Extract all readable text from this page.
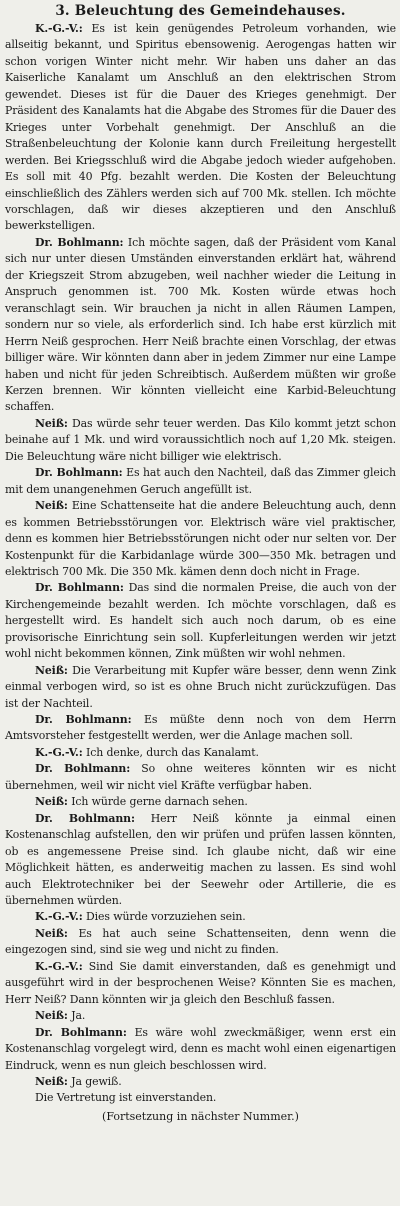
3. Beleuchtung des Gemeindehauses.

K.-G.-V.: Es ist kein genügendes Petroleum vorhanden, wie allseitig bekannt, und Spiritus ebensowenig. Aerogengas hatten wir schon vorigen Winter nicht mehr. Wir haben uns daher an das Kaiserliche Kanalamt um Anschluß an den elektrischen Strom gewendet. Dieses ist für die Dauer des Krieges genehmigt. Der Präsident des Kanalamts hat die Abgabe des Stromes für die Dauer des Krieges unter Vorbehalt genehmigt. Der Anschluß an die Straßenbeleuchtung der Kolonie kann durch Freileitung hergestellt werden. Bei Kriegsschluß wird die Abgabe jedoch wieder aufgehoben. Es soll mit 40 Pfg. bezahlt werden. Die Kosten der Beleuchtung einschließlich des Zählers werden sich auf 700 Mk. stellen. Ich möchte vorschlagen, daß wir dieses akzeptieren und den Anschluß bewerkstelligen.

Dr. Bohlmann: Ich möchte sagen, daß der Präsident vom Kanal sich nur unter diesen Umständen einverstanden erklärt hat, während der Kriegszeit Strom abzugeben, weil nachher wieder die Leitung in Anspruch genommen ist. 700 Mk. Kosten würde etwas hoch veranschlagt sein. Wir brauchen ja nicht in allen Räumen Lampen, sondern nur so viele, als erforderlich sind. Ich habe erst kürzlich mit Herrn Neiß gesprochen. Herr Neiß brachte einen Vorschlag, der etwas billiger wäre. Wir könnten dann aber in jedem Zimmer nur eine Lampe haben und nicht für jeden Schreibtisch. Außerdem müßten wir große Kerzen brennen. Wir könnten vielleicht eine Karbid-Beleuchtung schaffen.

Neiß: Das würde sehr teuer werden. Das Kilo kommt jetzt schon beinahe auf 1 Mk. und wird voraussichtlich noch auf 1,20 Mk. steigen. Die Beleuchtung wäre nicht billiger wie elektrisch.

Dr. Bohlmann: Es hat auch den Nachteil, daß das Zimmer gleich mit dem unangenehmen Geruch angefüllt ist.

Neiß: Eine Schattenseite hat die andere Beleuchtung auch, denn es kommen Betriebsstörungen vor. Elektrisch wäre viel praktischer, denn es kommen hier Betriebsstörungen nicht oder nur selten vor. Der Kostenpunkt für die Karbidanlage würde 300—350 Mk. betragen und elektrisch 700 Mk. Die 350 Mk. kämen denn doch nicht in Frage.

Dr. Bohlmann: Das sind die normalen Preise, die auch von der Kirchengemeinde bezahlt werden. Ich möchte vorschlagen, daß es hergestellt wird. Es handelt sich auch noch darum, ob es eine provisorische Einrichtung sein soll. Kupferleitungen werden wir jetzt wohl nicht bekommen können, Zink müßten wir wohl nehmen.

Neiß: Die Verarbeitung mit Kupfer wäre besser, denn wenn Zink einmal verbogen wird, so ist es ohne Bruch nicht zurückzufügen. Das ist der Nachteil.

Dr. Bohlmann: Es müßte denn noch von dem Herrn Amtsvorsteher festgestellt werden, wer die Anlage machen soll.

K.-G.-V.: Ich denke, durch das Kanalamt.

Dr. Bohlmann: So ohne weiteres könnten wir es nicht übernehmen, weil wir nicht viel Kräfte verfügbar haben.

Neiß: Ich würde gerne darnach sehen.

Dr. Bohlmann: Herr Neiß könnte ja einmal einen Kostenanschlag aufstellen, den wir prüfen und prüfen lassen könnten, ob es angemessene Preise sind. Ich glaube nicht, daß wir eine Möglichkeit hätten, es anderweitig machen zu lassen. Es sind wohl auch Elektrotechniker bei der Seewehr oder Artillerie, die es übernehmen würden.

K.-G.-V.: Dies würde vorzuziehen sein.

Neiß: Es hat auch seine Schattenseiten, denn wenn die eingezogen sind, sind sie weg und nicht zu finden.

K.-G.-V.: Sind Sie damit einverstanden, daß es genehmigt und ausgeführt wird in der besprochenen Weise? Könnten Sie es machen, Herr Neiß? Dann könnten wir ja gleich den Beschluß fassen.

Neiß: Ja.

Dr. Bohlmann: Es wäre wohl zweckmäßiger, wenn erst ein Kostenanschlag vorgelegt wird, denn es macht wohl einen eigenartigen Eindruck, wenn es nun gleich beschlossen wird.

Neiß: Ja gewiß.

Die Vertretung ist einverstanden.

(Fortsetzung in nächster Nummer.)
